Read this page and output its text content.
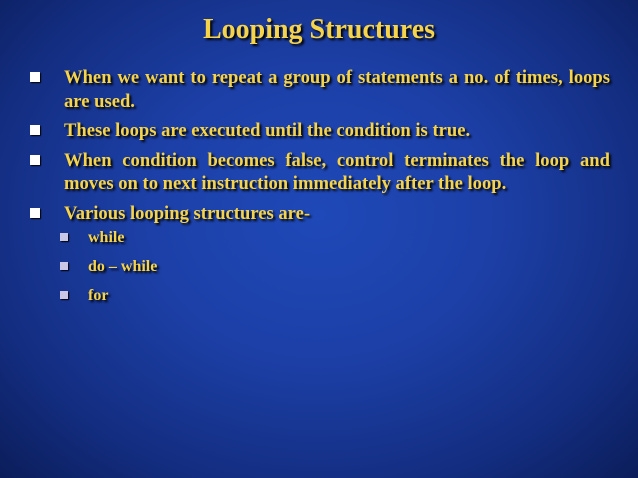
Looping Structures
When we want to repeat a group of statements a no. of times, loops are used.
These loops are executed until the condition is true.
When condition becomes false, control terminates the loop and moves on to next instruction immediately after the loop.
Various looping structures are-
while
do – while
for
